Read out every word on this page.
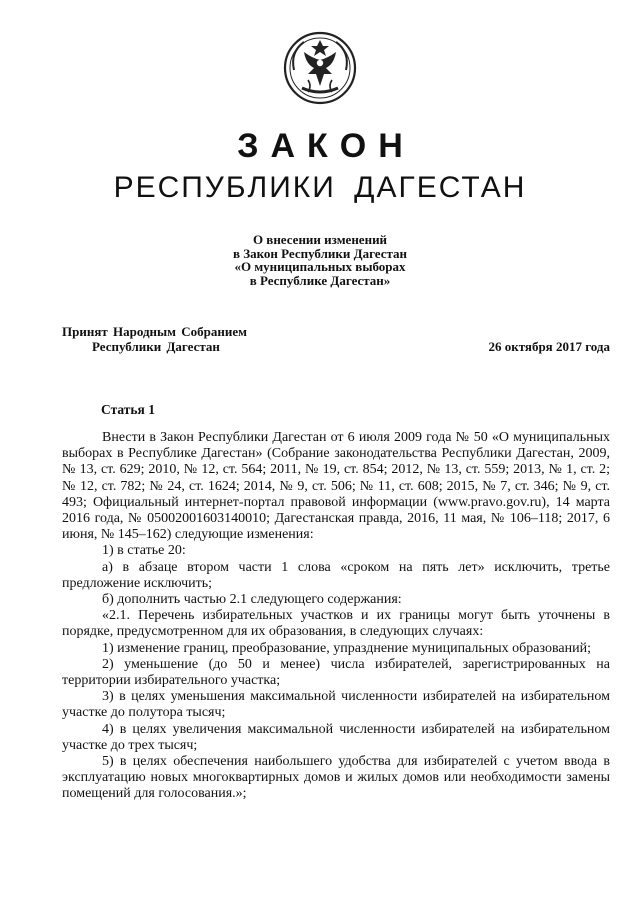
ЗАКОН
РЕСПУБЛИКИ ДАГЕСТАН
О внесении изменений
в Закон Республики Дагестан
«О муниципальных выборах
в Республике Дагестан»
Принят Народным Собранием
Республики Дагестан	26 октября 2017 года
Статья 1

Внести в Закон Республики Дагестан от 6 июля 2009 года № 50 «О муниципальных выборах в Республике Дагестан» (Собрание законодательства Республики Дагестан, 2009, № 13, ст. 629; 2010, № 12, ст. 564; 2011, № 19, ст. 854; 2012, № 13, ст. 559; 2013, № 1, ст. 2; № 12, ст. 782; № 24, ст. 1624; 2014, № 9, ст. 506; № 11, ст. 608; 2015, № 7, ст. 346; № 9, ст. 493; Официальный интернет-портал правовой информации (www.pravo.gov.ru), 14 марта 2016 года, № 05002001603140010; Дагестанская правда, 2016, 11 мая, № 106–118; 2017, 6 июня, № 145–162) следующие изменения:

1) в статье 20:

а) в абзаце втором части 1 слова «сроком на пять лет» исключить, третье предложение исключить;

б) дополнить частью 2.1 следующего содержания:

«2.1. Перечень избирательных участков и их границы могут быть уточнены в порядке, предусмотренном для их образования, в следующих случаях:

1) изменение границ, преобразование, упразднение муниципальных образований;

2) уменьшение (до 50 и менее) числа избирателей, зарегистрированных на территории избирательного участка;

3) в целях уменьшения максимальной численности избирателей на избирательном участке до полутора тысяч;

4) в целях увеличения максимальной численности избирателей на избирательном участке до трех тысяч;

5) в целях обеспечения наибольшего удобства для избирателей с учетом ввода в эксплуатацию новых многоквартирных домов и жилых домов или необходимости замены помещений для голосования.»;
